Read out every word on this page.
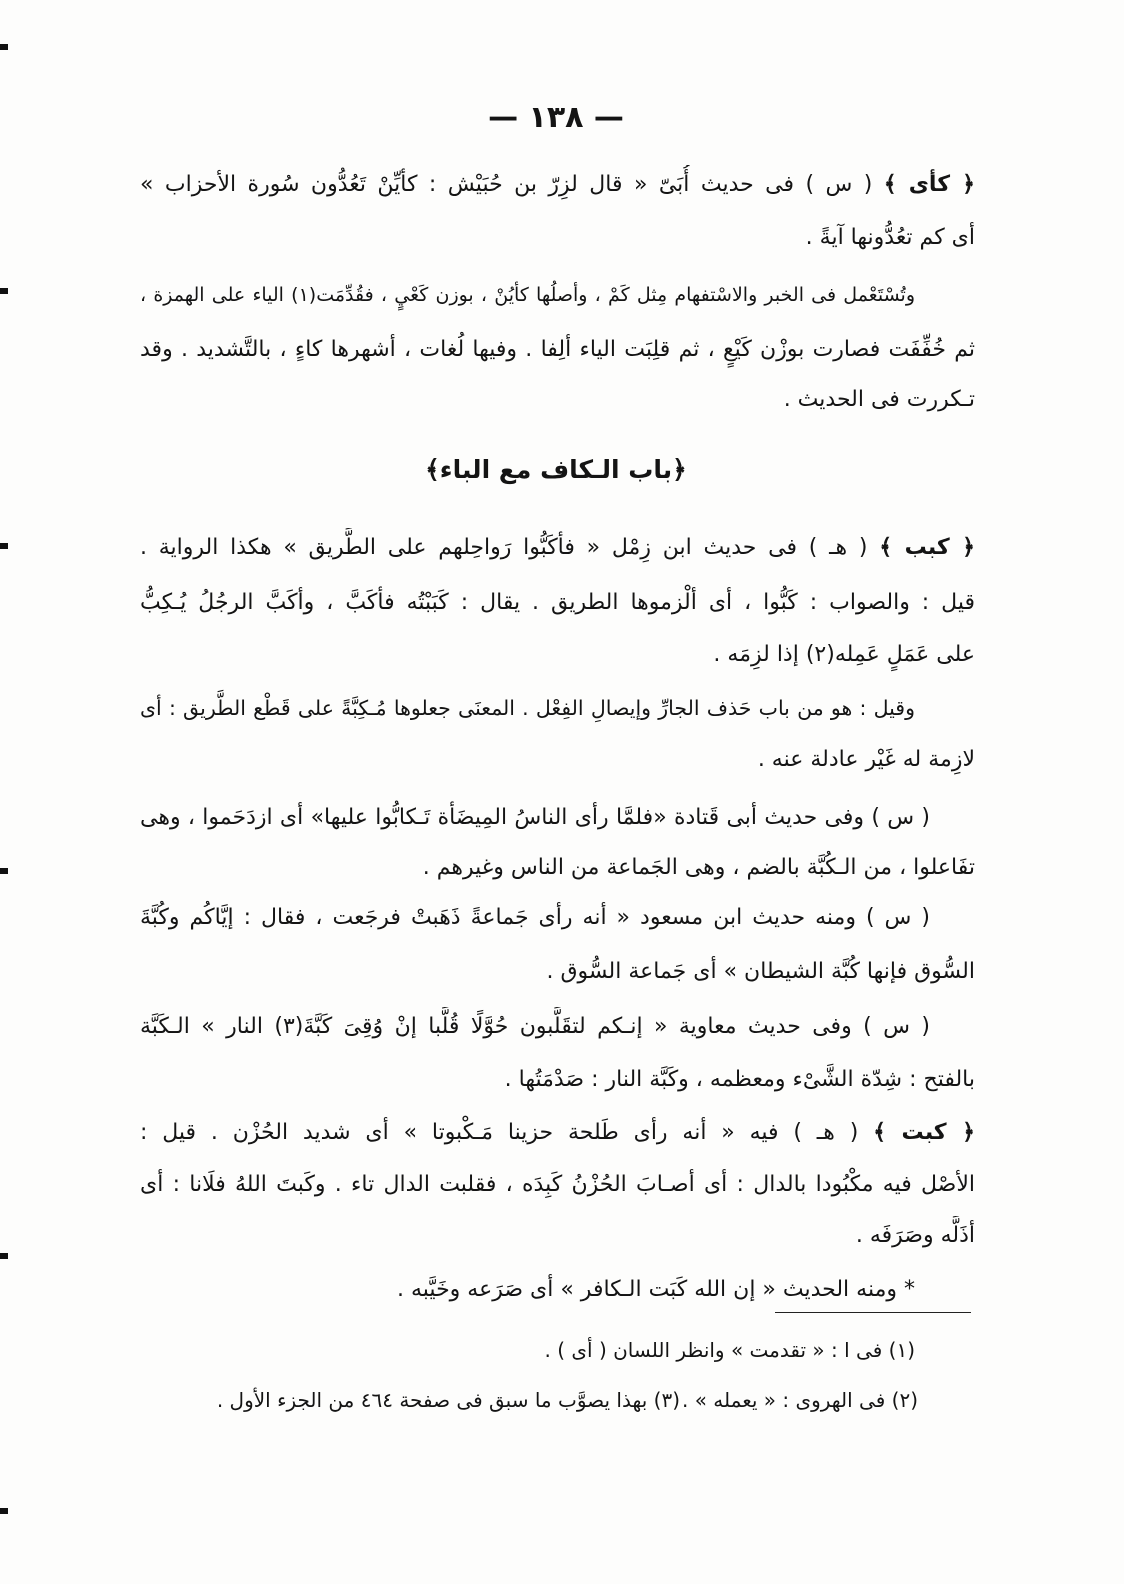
— ١٣٨ —
﴿ كأى ﴾ ( س ) فى حديث أُبَىّ « قال لزِرّ بن حُبَيْش : كأيِّنْ تَعُدُّون سُورة الأحزاب »
أى كم تعُدُّونها آيةً .
وتُسْتَعْمل فى الخبر والاسْتفهام مِثل كَمْ ، وأصلُها كأيُنْ ، بوزن كَعْيٍ ، فقُدِّمَت(١) الياء على الهمزة ،
ثم خُفِّفَت فصارت بوزْن كَيْعٍ ، ثم قلِبَت الياء ألِفا . وفيها لُغات ، أشهرها كاءٍ ، بالتَّشديد . وقد
تـكررت فى الحديث .
﴿باب الـكاف مع الباء﴾
﴿ كبب ﴾ ( هـ ) فى حديث ابن زِمْل « فأكَبُّوا رَواحِلهم على الطَّريق » هكذا الرواية .
قيل : والصواب : كَبُّوا ، أى ألْزموها الطريق . يقال : كَبَبْتُه فأكَبَّ ، وأكَبَّ الرجُلُ يُـكِبُّ
على عَمَلٍ عَمِله(٢) إذا لزِمَه .
وقيل : هو من باب حَذف الجارِّ وإيصالِ الفِعْل . المعنَى جعلوها مُـكِبَّةً على قَطْع الطَّريق : أى
لازِمة له غَيْر عادلة عنه .
( س ) وفى حديث أبى قَتادة «فلمَّا رأى الناسُ المِيضَأة تَـكابُّوا عليها» أى ازدَحَموا ، وهى
تفَاعلوا ، من الـكُبَّة بالضم ، وهى الجَماعة من الناس وغيرهم .
( س ) ومنه حديث ابن مسعود « أنه رأى جَماعةً ذَهَبتْ فرجَعت ، فقال : إيَّاكُم وكُبَّةَ
السُّوق فإنها كُبَّة الشيطان » أى جَماعة السُّوق .
( س ) وفى حديث معاوية « إنـكم لتقَلَّبون حُوَّلًا قُلَّبا إنْ وُقِىَ كَبَّةَ(٣) النار » الـكَبَّة
بالفتح : شِدّة الشَّىْء ومعظمه ، وكَبَّة النار : صَدْمَتُها .
﴿ كبت ﴾ ( هـ ) فيه « أنه رأى طَلحة حزينا مَـكْبوتا » أى شديد الحُزْن . قيل :
الأصْل فيه مكْبُودا بالدال : أى أصـابَ الحُزْنُ كَبِدَه ، فقلبت الدال تاء . وكَبتَ اللهُ فلَانا : أى
أذَلَّه وصَرَفَه .
* ومنه الحديث « إن الله كَبَت الـكافر » أى صَرَعه وخَيَّبه .
(١) فى ا : « تقدمت » وانظر اللسان ( أى ) .
(٢) فى الهروى : « يعمله » .
(٣) بهذا يصوَّب ما سبق فى صفحة ٤٦٤ من الجزء الأول .
